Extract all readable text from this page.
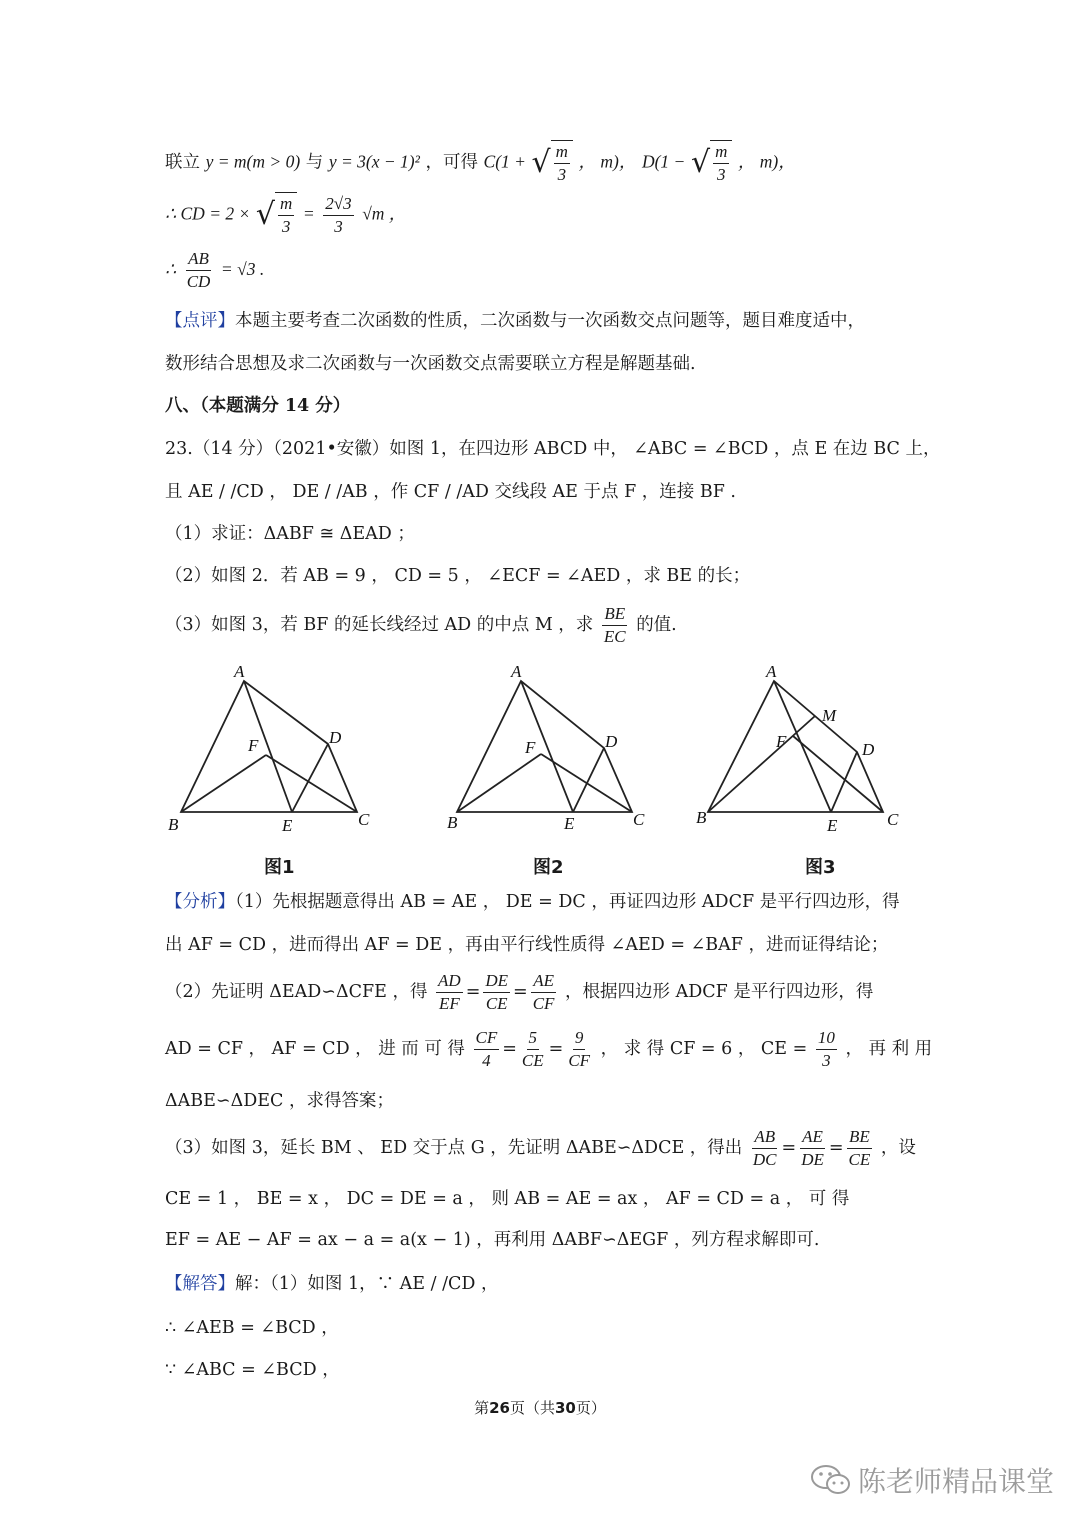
联立 y = m(m > 0) 与 y = 3(x − 1)² ，可得 C(1 + √ $\frac{m}{3}$ ， m)， D(1 − √ $\frac{m}{3}$ ， m)，
∴ CD = 2 × √ $\frac{m}{3} = \frac{2√3}{3} √m$ ，
∴ $\frac{AB}{CD} = √3$ .
【点评】本题主要考查二次函数的性质，二次函数与一次函数交点问题等，题目难度适中，
数形结合思想及求二次函数与一次函数交点需要联立方程是解题基础.
八、（本题满分 14 分）
23.（14 分）（2021•安徽）如图 1，在四边形 ABCD 中， ∠ABC = ∠BCD ，点 E 在边 BC 上，
且 AE / /CD ， DE / /AB ，作 CF / /AD 交线段 AE 于点 F ，连接 BF .
（1）求证：ΔABF ≅ ΔEAD ；
（2）如图 2．若 AB = 9 ， CD = 5 ， ∠ECF = ∠AED ，求 BE 的长；
（3）如图 3，若 BF 的延长线经过 AD 的中点 M ，求 $\frac{BE}{EC}$ 的值.
A
B	C
D
E
F
A
B	C
D
E
F
A
B	C
D
E
F
M
图1	图2	图3
【分析】（1）先根据题意得出 AB = AE ， DE = DC ，再证四边形 ADCF 是平行四边形，得
出 AF = CD ，进而得出 AF = DE ，再由平行线性质得 ∠AED = ∠BAF ，进而证得结论；
（2）先证明 ΔEAD∽ΔCFE ，得 $\frac{AD}{EF} = \frac{DE}{CE} = \frac{AE}{CF}$ ，根据四边形 ADCF 是平行四边形，得
AD = CF ， AF = CD ， 进 而 可 得 $\frac{CF}{4} = \frac{5}{CE} = \frac{9}{CF}$ ， 求 得 CF = 6 ， CE = $\frac{10}{3}$ ， 再 利 用
ΔABE∽ΔDEC ，求得答案；
（3）如图 3，延长 BM 、 ED 交于点 G ，先证明 ΔABE∽ΔDCE ，得出 $\frac{AB}{DC} = \frac{AE}{DE} = \frac{BE}{CE}$ ，设
CE = 1 ， BE = x ， DC = DE = a ， 则 AB = AE = ax ， AF = CD = a ， 可 得
EF = AE − AF = ax − a = a(x − 1) ，再利用 ΔABF∽ΔEGF ，列方程求解即可.
【解答】解：（1）如图 1，∵ AE / /CD ，
∴ ∠AEB = ∠BCD ，
∵ ∠ABC = ∠BCD ，
第26页（共30页）
陈老师精品课堂
